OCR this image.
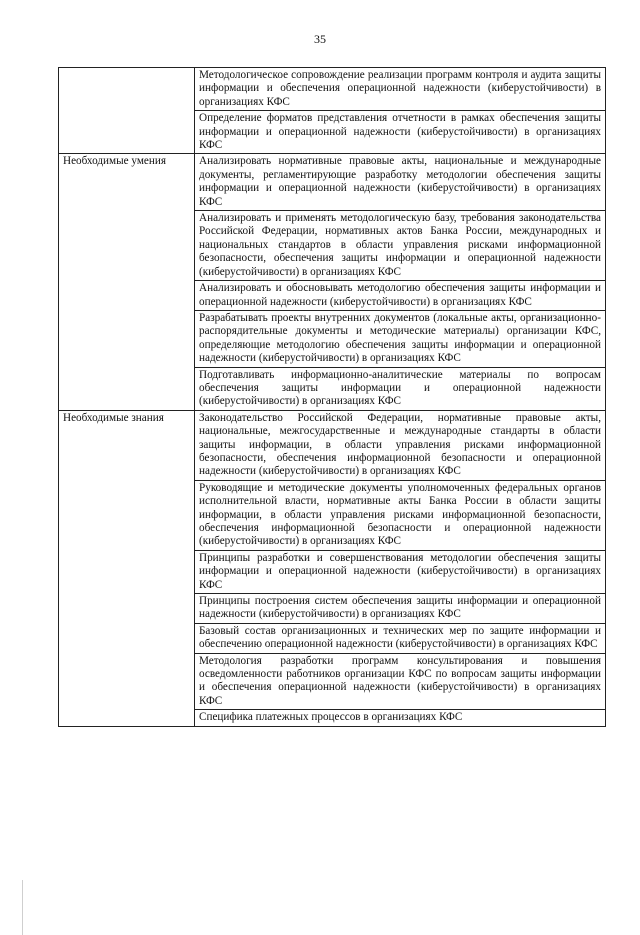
35
	Методологическое сопровождение реализации программ контроля и аудита защиты информации и обеспечения операционной надежности (киберустойчивости) в организациях КФС
	Определение форматов представления отчетности в рамках обеспечения защиты информации и операционной надежности (киберустойчивости) в организациях КФС
Необходимые умения	Анализировать нормативные правовые акты, национальные и международные документы, регламентирующие разработку методологии обеспечения защиты информации и операционной надежности (киберустойчивости) в организациях КФС
	Анализировать и применять методологическую базу, требования законодательства Российской Федерации, нормативных актов Банка России, международных и национальных стандартов в области управления рисками информационной безопасности, обеспечения защиты информации и операционной надежности (киберустойчивости) в организациях КФС
	Анализировать и обосновывать методологию обеспечения защиты информации и операционной надежности (киберустойчивости) в организациях КФС
	Разрабатывать проекты внутренних документов (локальные акты, организационно-распорядительные документы и методические материалы) организации КФС, определяющие методологию обеспечения защиты информации и операционной надежности (киберустойчивости) в организациях КФС
	Подготавливать информационно-аналитические материалы по вопросам обеспечения защиты информации и операционной надежности (киберустойчивости) в организациях КФС
Необходимые знания	Законодательство Российской Федерации, нормативные правовые акты, национальные, межгосударственные и международные стандарты в области защиты информации, в области управления рисками информационной безопасности, обеспечения информационной безопасности и операционной надежности (киберустойчивости) в организациях КФС
	Руководящие и методические документы уполномоченных федеральных органов исполнительной власти, нормативные акты Банка России в области защиты информации, в области управления рисками информационной безопасности, обеспечения информационной безопасности и операционной надежности (киберустойчивости) в организациях КФС
	Принципы разработки и совершенствования методологии обеспечения защиты информации и операционной надежности (киберустойчивости) в организациях КФС
	Принципы построения систем обеспечения защиты информации и операционной надежности (киберустойчивости) в организациях КФС
	Базовый состав организационных и технических мер по защите информации и обеспечению операционной надежности (киберустойчивости) в организациях КФС
	Методология разработки программ консультирования и повышения осведомленности работников организации КФС по вопросам защиты информации и обеспечения операционной надежности (киберустойчивости) в организациях КФС
	Специфика платежных процессов в организациях КФС
